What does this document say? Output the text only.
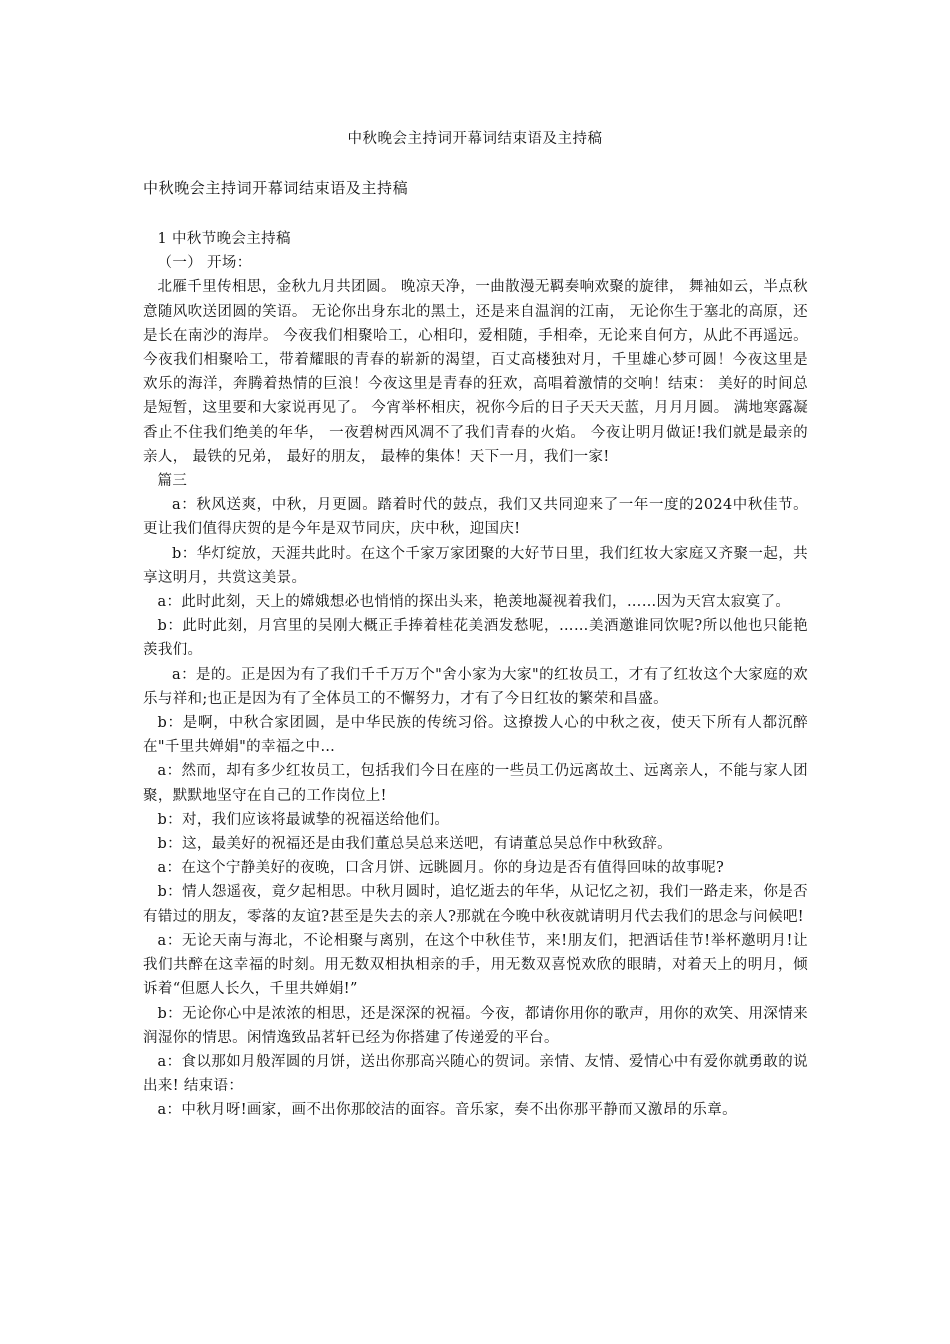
中秋晚会主持词开幕词结束语及主持稿
中秋晚会主持词开幕词结束语及主持稿

1 中秋节晚会主持稿

（一） 开场：

北雁千里传相思，金秋九月共团圆。 晚凉天净，一曲散漫无羁奏响欢聚的旋律， 舞袖如云，半点秋意随风吹送团圆的笑语。 无论你出身东北的黑土，还是来自温润的江南， 无论你生于塞北的高原，还是长在南沙的海岸。 今夜我们相聚哈工，心相印，爱相随，手相牵，无论来自何方，从此不再遥远。 今夜我们相聚哈工，带着耀眼的青春的崭新的渴望，百丈高楼独对月，千里雄心梦可圆！今夜这里是欢乐的海洋，奔腾着热情的巨浪！今夜这里是青春的狂欢，高唱着激情的交响！结束： 美好的时间总是短暂，这里要和大家说再见了。 今宵举杯相庆，祝你今后的日子天天天蓝，月月月圆。 满地寒露凝香止不住我们绝美的年华， 一夜碧树西风凋不了我们青春的火焰。 今夜让明月做证!我们就是最亲的亲人， 最铁的兄弟， 最好的朋友， 最棒的集体！天下一月，我们一家!

篇三

a：秋风送爽，中秋，月更圆。踏着时代的鼓点，我们又共同迎来了一年一度的2024中秋佳节。更让我们值得庆贺的是今年是双节同庆，庆中秋，迎国庆!

b：华灯绽放，天涯共此时。在这个千家万家团聚的大好节日里，我们红妆大家庭又齐聚一起，共享这明月，共赏这美景。

a：此时此刻，天上的嫦娥想必也悄悄的探出头来，艳羡地凝视着我们，……因为天宫太寂寞了。

b：此时此刻，月宫里的吴刚大概正手捧着桂花美酒发愁呢，……美酒邀谁同饮呢?所以他也只能艳羡我们。

a：是的。正是因为有了我们千千万万个"舍小家为大家"的红妆员工，才有了红妆这个大家庭的欢乐与祥和;也正是因为有了全体员工的不懈努力，才有了今日红妆的繁荣和昌盛。

b：是啊，中秋合家团圆，是中华民族的传统习俗。这撩拨人心的中秋之夜，使天下所有人都沉醉在"千里共婵娟"的幸福之中…

a：然而，却有多少红妆员工，包括我们今日在座的一些员工仍远离故土、远离亲人，不能与家人团聚，默默地坚守在自己的工作岗位上!

b：对，我们应该将最诚挚的祝福送给他们。

b：这，最美好的祝福还是由我们董总吴总来送吧，有请董总吴总作中秋致辞。

a：在这个宁静美好的夜晚，口含月饼、远眺圆月。你的身边是否有值得回味的故事呢?

b：情人怨遥夜，竟夕起相思。中秋月圆时，追忆逝去的年华，从记忆之初，我们一路走来，你是否有错过的朋友，零落的友谊?甚至是失去的亲人?那就在今晚中秋夜就请明月代去我们的思念与问候吧!

a：无论天南与海北，不论相聚与离别，在这个中秋佳节，来!朋友们，把酒话佳节!举杯邀明月!让我们共醉在这幸福的时刻。用无数双相执相亲的手，用无数双喜悦欢欣的眼睛，对着天上的明月，倾诉着“但愿人长久，千里共婵娟!”

b：无论你心中是浓浓的相思，还是深深的祝福。今夜，都请你用你的歌声，用你的欢笑、用深情来润湿你的情思。闲情逸致品茗轩已经为你搭建了传递爱的平台。

a：食以那如月般浑圆的月饼，送出你那高兴随心的贺词。亲情、友情、爱情心中有爱你就勇敢的说出来! 结束语：

a：中秋月呀!画家，画不出你那皎洁的面容。音乐家，奏不出你那平静而又激昂的乐章。
